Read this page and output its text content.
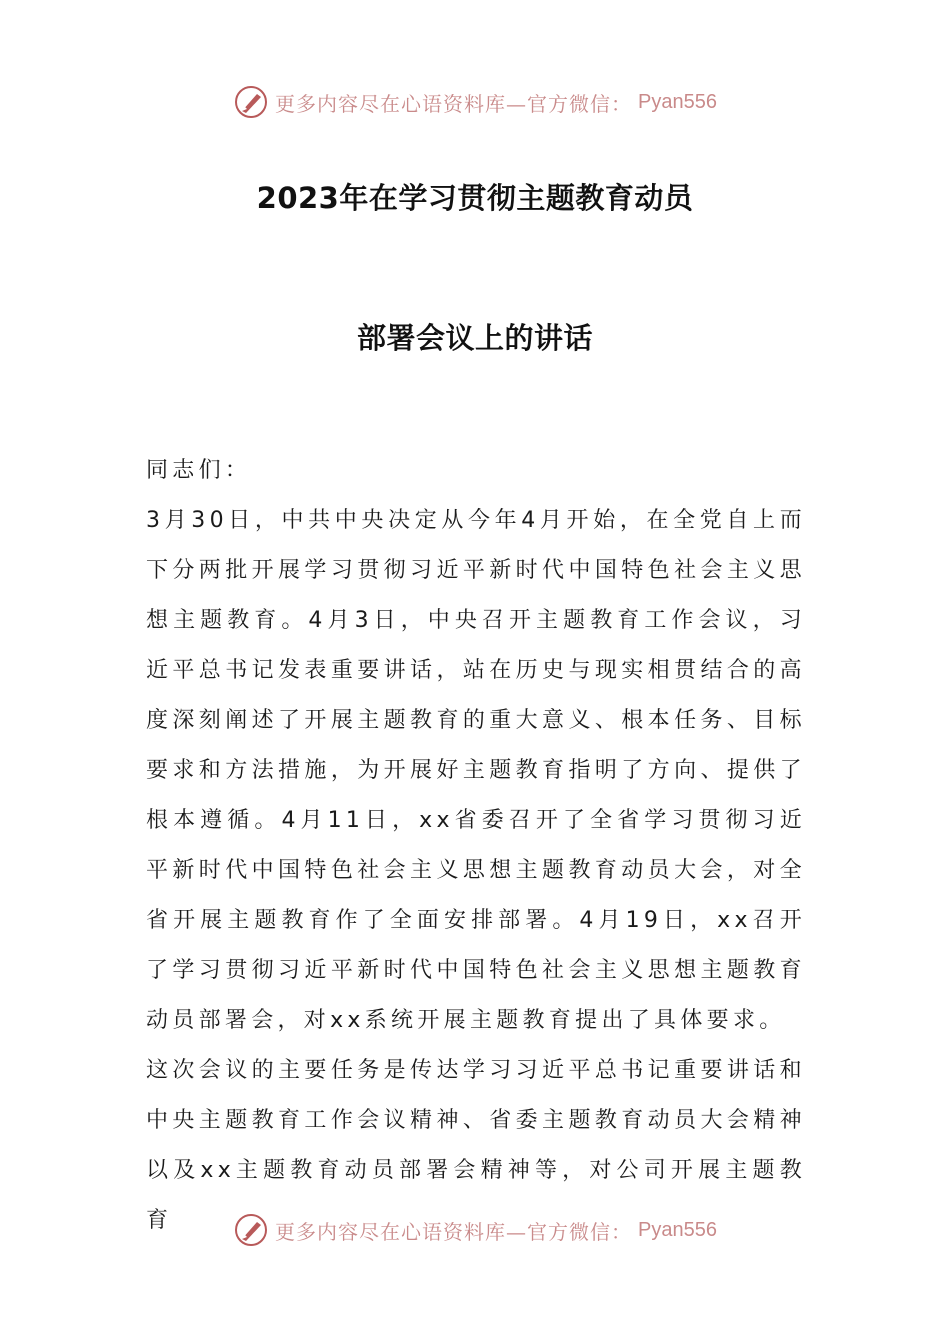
更多内容尽在心语资料库—官方微信： Pyan556
2023年在学习贯彻主题教育动员
部署会议上的讲话

同志们：

3月30日，中共中央决定从今年4月开始，在全党自上而下分两批开展学习贯彻习近平新时代中国特色社会主义思想主题教育。4月3日，中央召开主题教育工作会议，习近平总书记发表重要讲话，站在历史与现实相贯结合的高度深刻阐述了开展主题教育的重大意义、根本任务、目标要求和方法措施，为开展好主题教育指明了方向、提供了根本遵循。4月11日，xx省委召开了全省学习贯彻习近平新时代中国特色社会主义思想主题教育动员大会，对全省开展主题教育作了全面安排部署。4月19日，xx召开了学习贯彻习近平新时代中国特色社会主义思想主题教育动员部署会，对xx系统开展主题教育提出了具体要求。

这次会议的主要任务是传达学习习近平总书记重要讲话和中央主题教育工作会议精神、省委主题教育动员大会精神以及xx主题教育动员部署会精神等，对公司开展主题教育	更多内容尽在心语资料库—官方微信： Pyan556
